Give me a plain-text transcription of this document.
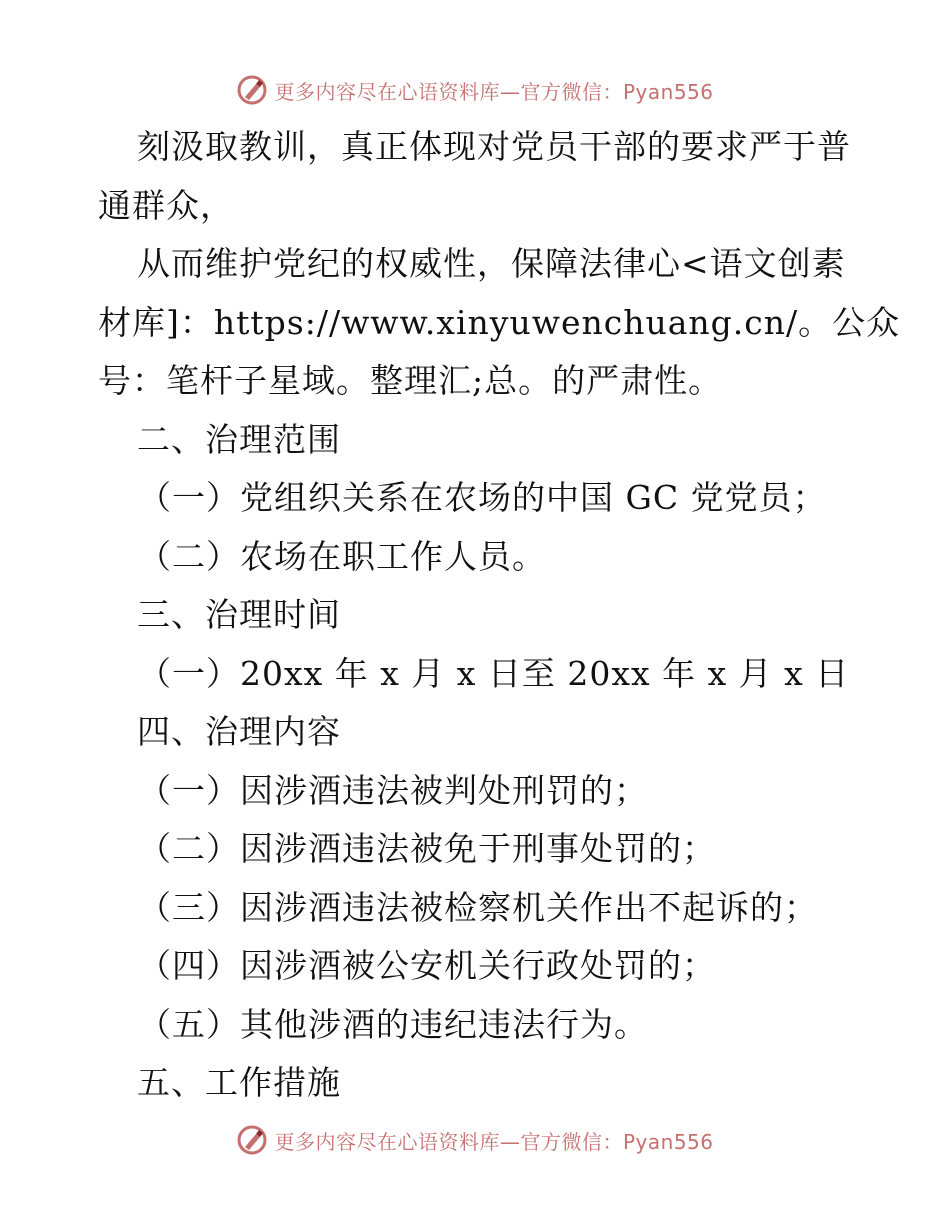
更多内容尽在心语资料库—官方微信：Pyan556
刻汲取教训，真正体现对党员干部的要求严于普
通群众，
从而维护党纪的权威性，保障法律心<语文创素
材库]：https://www.xinyuwenchuang.cn/。公众
号：笔杆子星域。整理汇;总。的严肃性。
二、治理范围
（一）党组织关系在农场的中国 GC 党党员；
（二）农场在职工作人员。
三、治理时间
（一）20xx 年 x 月 x 日至 20xx 年 x 月 x 日
四、治理内容
（一）因涉酒违法被判处刑罚的；
（二）因涉酒违法被免于刑事处罚的；
（三）因涉酒违法被检察机关作出不起诉的；
（四）因涉酒被公安机关行政处罚的；
（五）其他涉酒的违纪违法行为。
五、工作措施
更多内容尽在心语资料库—官方微信：Pyan556
